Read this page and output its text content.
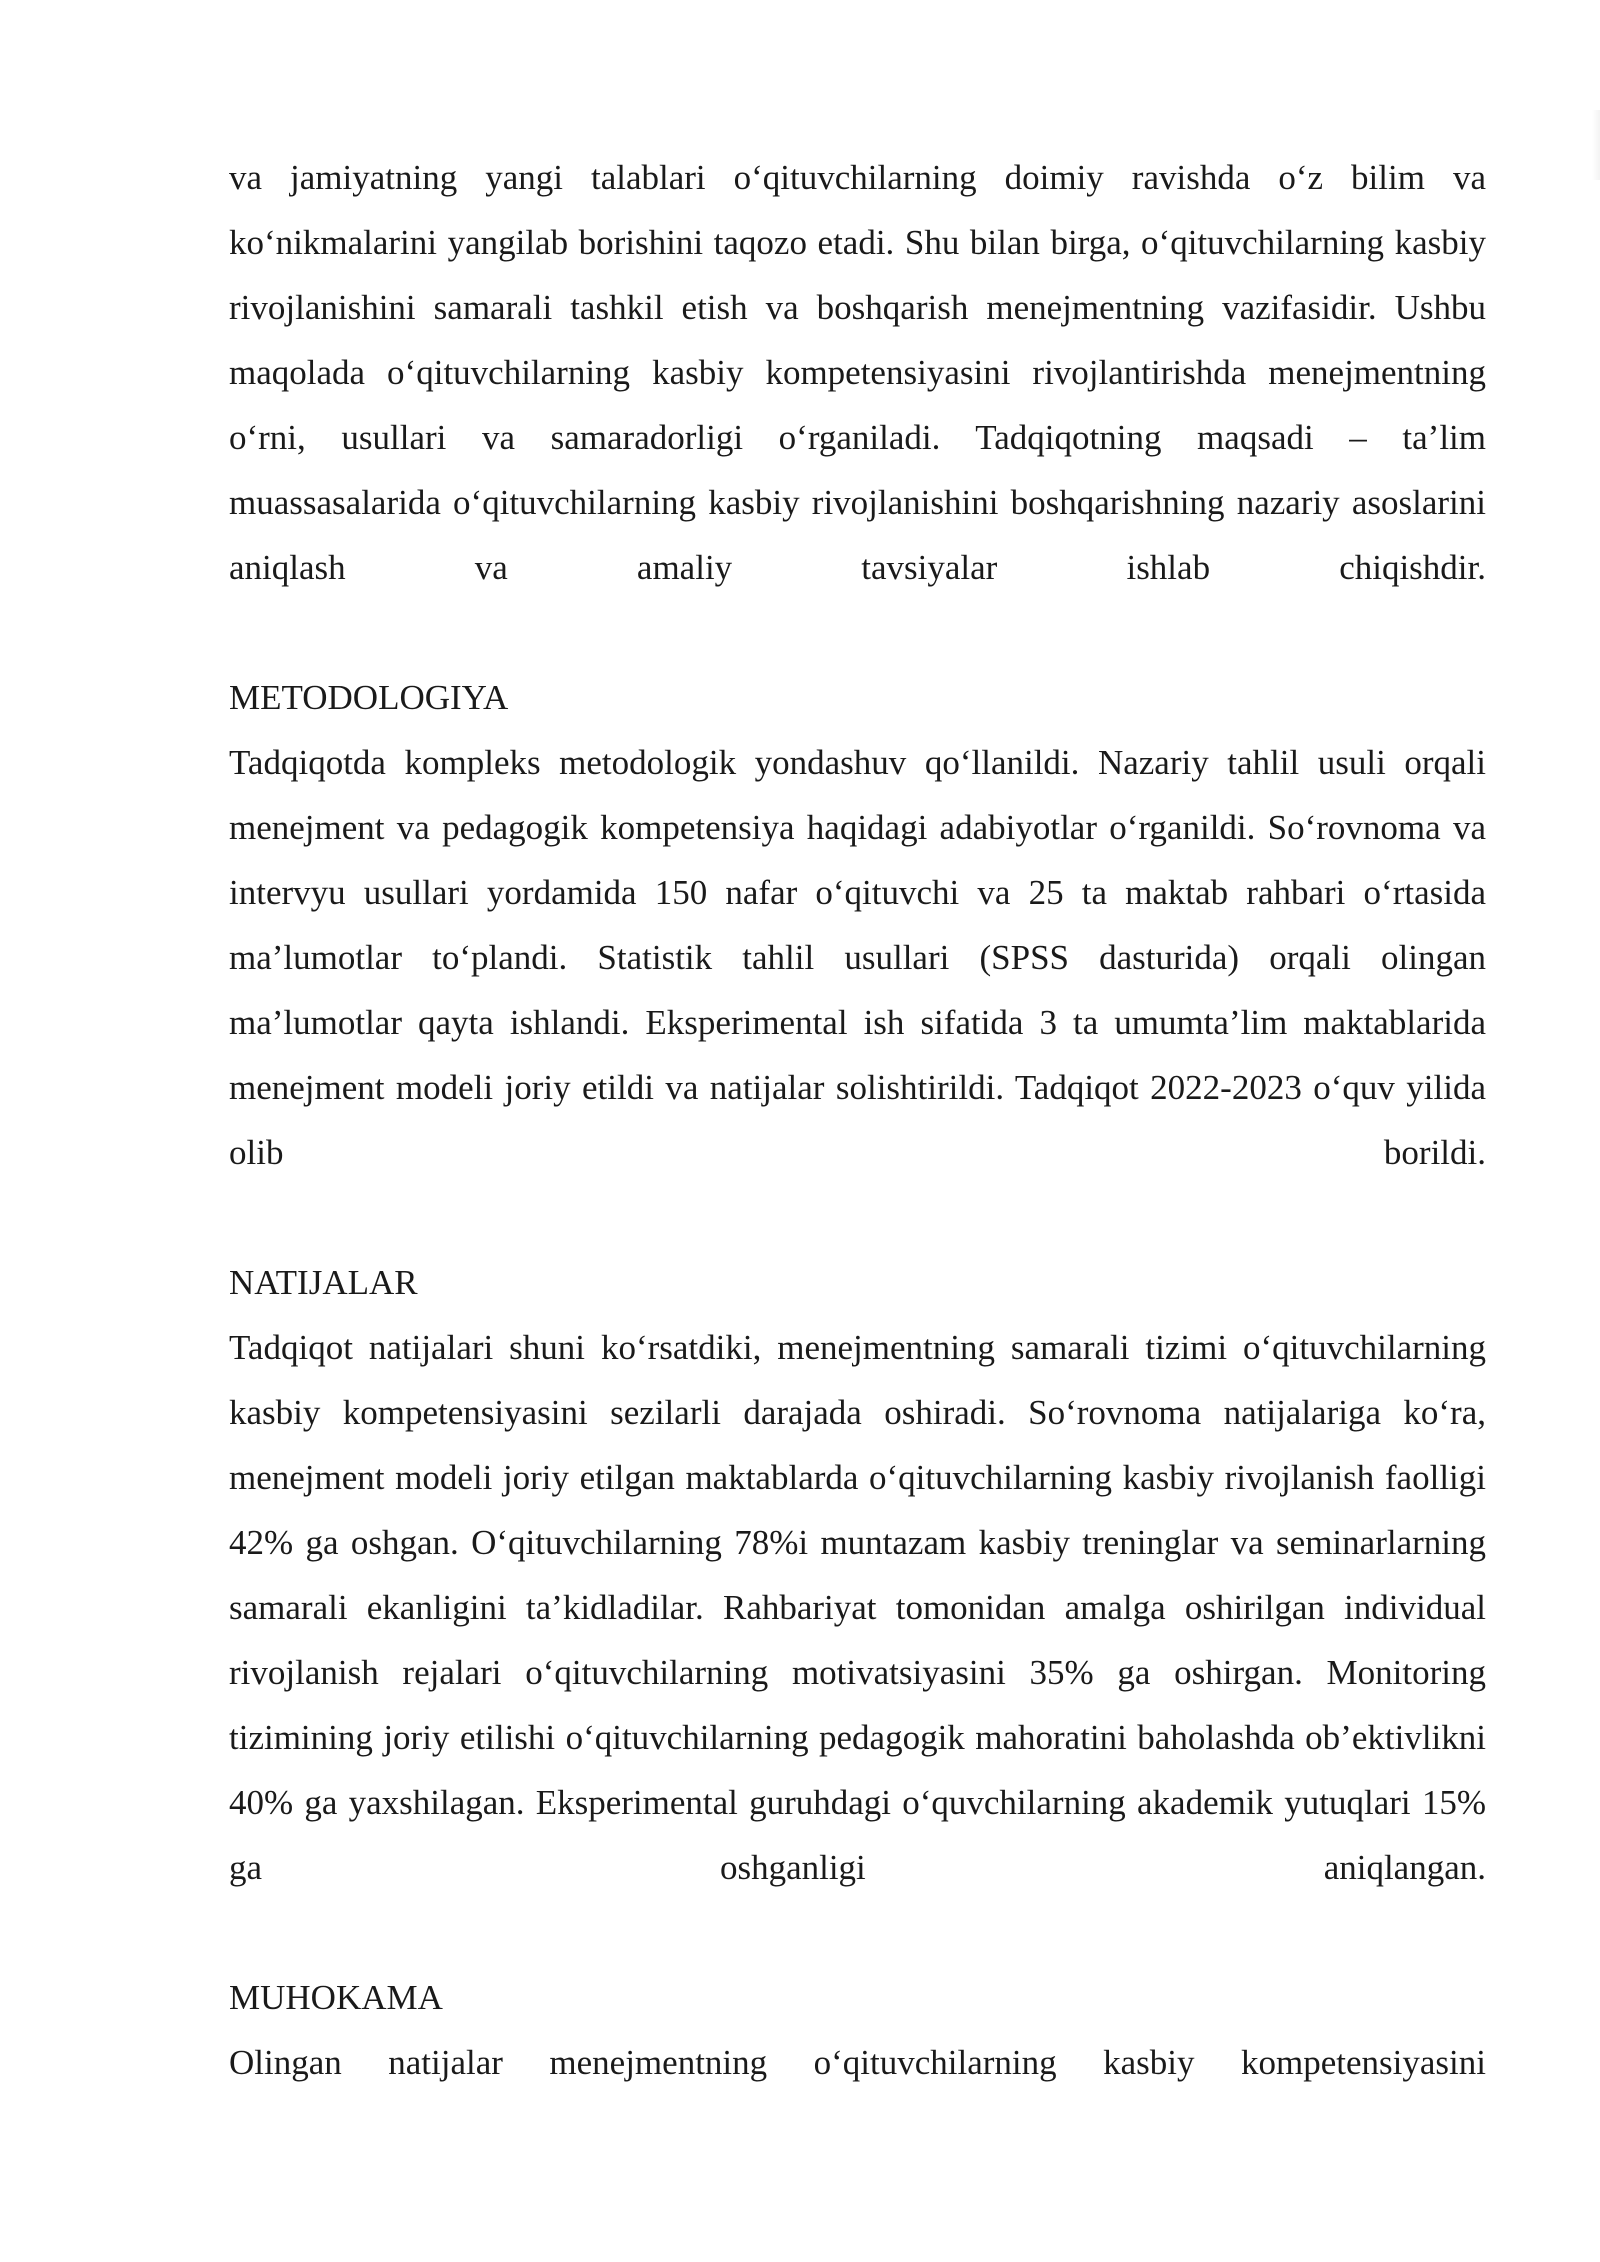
va jamiyatning yangi talablari oʻqituvchilarning doimiy ravishda oʻz bilim va koʻnikmalarini yangilab borishini taqozo etadi. Shu bilan birga, oʻqituvchilarning kasbiy rivojlanishini samarali tashkil etish va boshqarish menejmentning vazifasidir. Ushbu maqolada oʻqituvchilarning kasbiy kompetensiyasini rivojlantirishda menejmentning oʻrni, usullari va samaradorligi oʻrganiladi. Tadqiqotning maqsadi – ta’lim muassasalarida oʻqituvchilarning kasbiy rivojlanishini boshqarishning nazariy asoslarini aniqlash va amaliy tavsiyalar ishlab chiqishdir.

METODOLOGIYA

Tadqiqotda kompleks metodologik yondashuv qoʻllanildi. Nazariy tahlil usuli orqali menejment va pedagogik kompetensiya haqidagi adabiyotlar oʻrganildi. Soʻrovnoma va intervyu usullari yordamida 150 nafar oʻqituvchi va 25 ta maktab rahbari oʻrtasida ma’lumotlar toʻplandi. Statistik tahlil usullari (SPSS dasturida) orqali olingan ma’lumotlar qayta ishlandi. Eksperimental ish sifatida 3 ta umumta’lim maktablarida menejment modeli joriy etildi va natijalar solishtirildi. Tadqiqot 2022-2023 oʻquv yilida olib borildi.

NATIJALAR

Tadqiqot natijalari shuni koʻrsatdiki, menejmentning samarali tizimi oʻqituvchilarning kasbiy kompetensiyasini sezilarli darajada oshiradi. Soʻrovnoma natijalariga koʻra, menejment modeli joriy etilgan maktablarda oʻqituvchilarning kasbiy rivojlanish faolligi 42% ga oshgan. Oʻqituvchilarning 78%i muntazam kasbiy treninglar va seminarlarning samarali ekanligini ta’kidladilar. Rahbariyat tomonidan amalga oshirilgan individual rivojlanish rejalari oʻqituvchilarning motivatsiyasini 35% ga oshirgan. Monitoring tizimining joriy etilishi oʻqituvchilarning pedagogik mahoratini baholashda ob’ektivlikni 40% ga yaxshilagan. Eksperimental guruhdagi oʻquvchilarning akademik yutuqlari 15% ga oshganligi aniqlangan.

MUHOKAMA

Olingan natijalar menejmentning oʻqituvchilarning kasbiy kompetensiyasini
